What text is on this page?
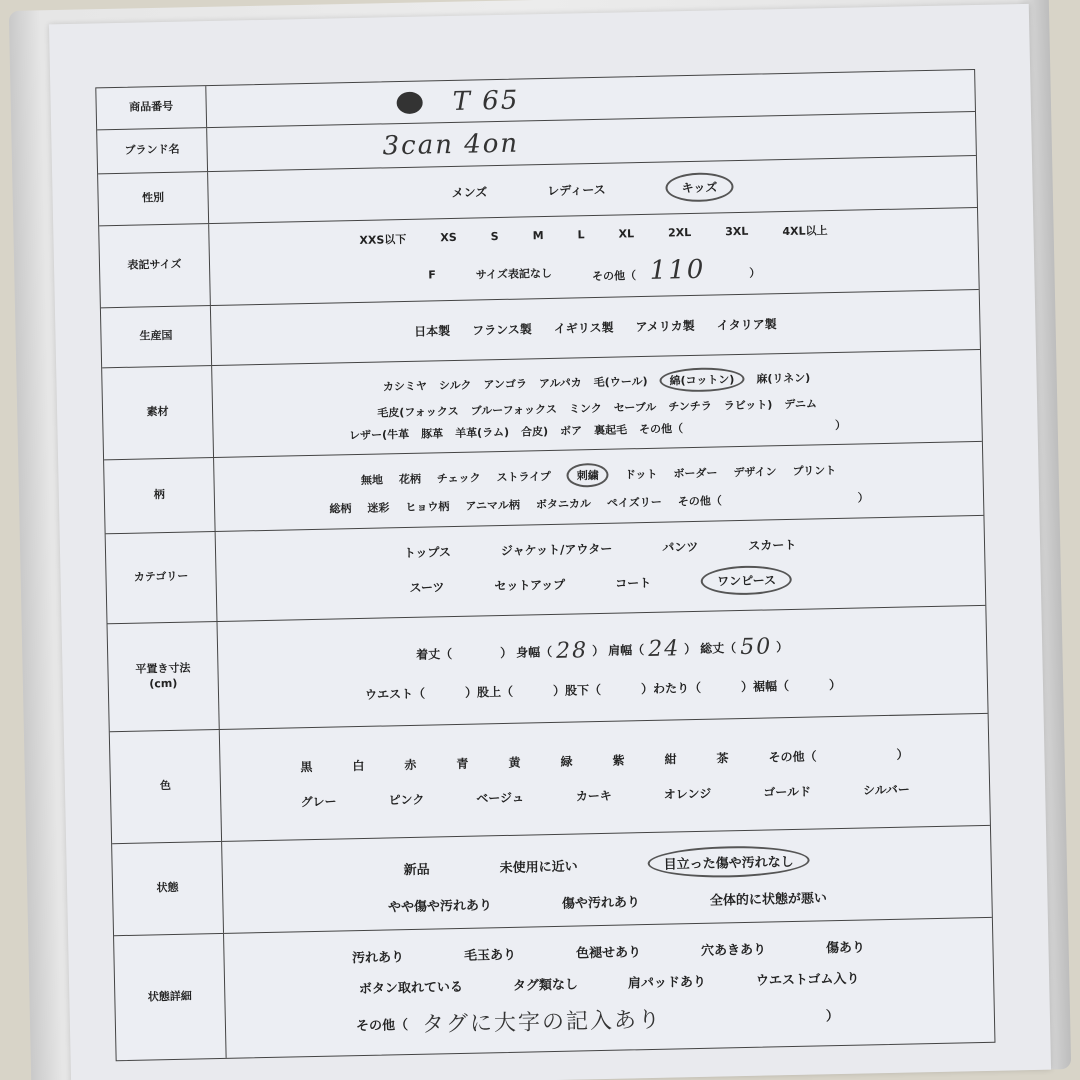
商品番号	T 65
ブランド名	3can 4on
性別	メンズ	レディース	キッズ
表記サイズ
XXS以下	XS	S	M	L	XL	2XL	3XL	4XL以上
F	サイズ表記なし	その他（ 110	）
生産国	日本製 フランス製 イギリス製 アメリカ製 イタリア製
素材
カシミヤ シルク アンゴラ アルパカ 毛(ウール)	綿(コットン)	麻(リネン)
毛皮(フォックス ブルーフォックス ミンク セーブル チンチラ ラビット) デニム
レザー(牛革 豚革 羊革(ラム) 合皮) ボア 裏起毛 その他（	）
柄
無地 花柄 チェック ストライプ	刺繍	ドット ボーダー デザイン プリント
総柄 迷彩 ヒョウ柄 アニマル柄 ボタニカル ペイズリー その他（	）
カテゴリー
トップス	ジャケット/アウター	パンツ	スカート
スーツ	セットアップ	コート	ワンピース
平置き寸法
(cm)
着丈（	） 身幅（ 28 ） 肩幅（ 24 ） 総丈（ 50 ）
ウエスト（	）股上（	）股下（	）わたり（	）裾幅（	）
色
黒	白	赤	青	黄	緑	紫	紺	茶	その他（	）
グレー	ピンク	ベージュ	カーキ	オレンジ	ゴールド	シルバー
状態
新品	未使用に近い	目立った傷や汚れなし
やや傷や汚れあり	傷や汚れあり	全体的に状態が悪い
状態詳細
汚れあり	毛玉あり	色褪せあり	穴あきあり	傷あり
ボタン取れている	タグ類なし	肩パッドあり	ウエストゴム入り
その他（ タグに大字の記入あり	）
